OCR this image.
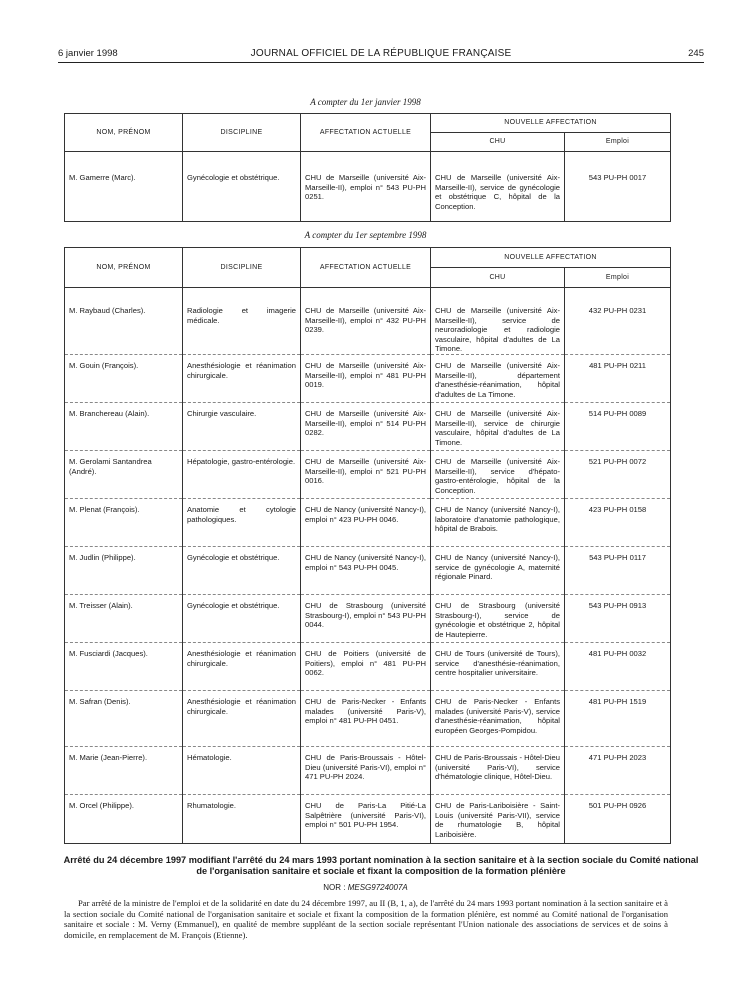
6 janvier 1998	JOURNAL OFFICIEL DE LA RÉPUBLIQUE FRANÇAISE	245
A compter du 1er janvier 1998
NOM, PRÉNOM	DISCIPLINE	AFFECTATION ACTUELLE	NOUVELLE AFFECTATION	
			CHU	Emploi
M. Gamerre (Marc).	Gynécologie et obstétrique.	CHU de Marseille (université Aix-Marseille-II), emploi n° 543 PU-PH 0251.	CHU de Marseille (université Aix-Marseille-II), service de gynécologie et obstétrique C, hôpital de la Conception.	543 PU-PH 0017
A compter du 1er septembre 1998
NOM, PRÉNOM	DISCIPLINE	AFFECTATION ACTUELLE	NOUVELLE AFFECTATION	
			CHU	Emploi
M. Raybaud (Charles).	Radiologie et imagerie médicale.	CHU de Marseille (université Aix-Marseille-II), emploi n° 432 PU-PH 0239.	CHU de Marseille (université Aix-Marseille-II), service de neuroradiologie et radiologie vasculaire, hôpital d'adultes de La Timone.	432 PU-PH 0231
M. Gouin (François).	Anesthésiologie et réanimation chirurgicale.	CHU de Marseille (université Aix-Marseille-II), emploi n° 481 PU-PH 0019.	CHU de Marseille (université Aix-Marseille-II), département d'anesthésie-réanimation, hôpital d'adultes de La Timone.	481 PU-PH 0211
M. Branchereau (Alain).	Chirurgie vasculaire.	CHU de Marseille (université Aix-Marseille-II), emploi n° 514 PU-PH 0282.	CHU de Marseille (université Aix-Marseille-II), service de chirurgie vasculaire, hôpital d'adultes de La Timone.	514 PU-PH 0089
M. Gerolami Santandrea (André).	Hépatologie, gastro-entérologie.	CHU de Marseille (université Aix-Marseille-II), emploi n° 521 PU-PH 0016.	CHU de Marseille (université Aix-Marseille-II), service d'hépato-gastro-entérologie, hôpital de la Conception.	521 PU-PH 0072
M. Plenat (François).	Anatomie et cytologie pathologiques.	CHU de Nancy (université Nancy-I), emploi n° 423 PU-PH 0046.	CHU de Nancy (université Nancy-I), laboratoire d'anatomie pathologique, hôpital de Brabois.	423 PU-PH 0158
M. Judlin (Philippe).	Gynécologie et obstétrique.	CHU de Nancy (université Nancy-I), emploi n° 543 PU-PH 0045.	CHU de Nancy (université Nancy-I), service de gynécologie A, maternité régionale Pinard.	543 PU-PH 0117
M. Treisser (Alain).	Gynécologie et obstétrique.	CHU de Strasbourg (université Strasbourg-I), emploi n° 543 PU-PH 0044.	CHU de Strasbourg (université Strasbourg-I), service de gynécologie et obstétrique 2, hôpital de Hautepierre.	543 PU-PH 0913
M. Fusciardi (Jacques).	Anesthésiologie et réanimation chirurgicale.	CHU de Poitiers (université de Poitiers), emploi n° 481 PU-PH 0062.	CHU de Tours (université de Tours), service d'anesthésie-réanimation, centre hospitalier universitaire.	481 PU-PH 0032
M. Safran (Denis).	Anesthésiologie et réanimation chirurgicale.	CHU de Paris-Necker - Enfants malades (université Paris-V), emploi n° 481 PU-PH 0451.	CHU de Paris-Necker - Enfants malades (université Paris-V), service d'anesthésie-réanimation, hôpital européen Georges-Pompidou.	481 PU-PH 1519
M. Marie (Jean-Pierre).	Hématologie.	CHU de Paris-Broussais - Hôtel-Dieu (université Paris-VI), emploi n° 471 PU-PH 2024.	CHU de Paris-Broussais - Hôtel-Dieu (université Paris-VI), service d'hématologie clinique, Hôtel-Dieu.	471 PU-PH 2023
M. Orcel (Philippe).	Rhumatologie.	CHU de Paris-La Pitié-La Salpêtrière (université Paris-VI), emploi n° 501 PU-PH 1954.	CHU de Paris-Lariboisière - Saint-Louis (université Paris-VII), service de rhumatologie B, hôpital Lariboisière.	501 PU-PH 0926
Arrêté du 24 décembre 1997 modifiant l'arrêté du 24 mars 1993 portant nomination à la section sanitaire et à la section sociale du Comité national de l'organisation sanitaire et sociale et fixant la composition de la formation plénière
NOR : MESG9724007A
Par arrêté de la ministre de l'emploi et de la solidarité en date du 24 décembre 1997, au II (B, 1, a), de l'arrêté du 24 mars 1993 portant nomination à la section sanitaire et à la section sociale du Comité national de l'organisation sanitaire et sociale et fixant la composition de la formation plénière, est nommé au Comité national de l'organisation sanitaire et sociale : M. Verny (Emmanuel), en qualité de membre suppléant de la section sociale représentant l'Union nationale des associations de services et de soins à domicile, en remplacement de M. François (Etienne).
